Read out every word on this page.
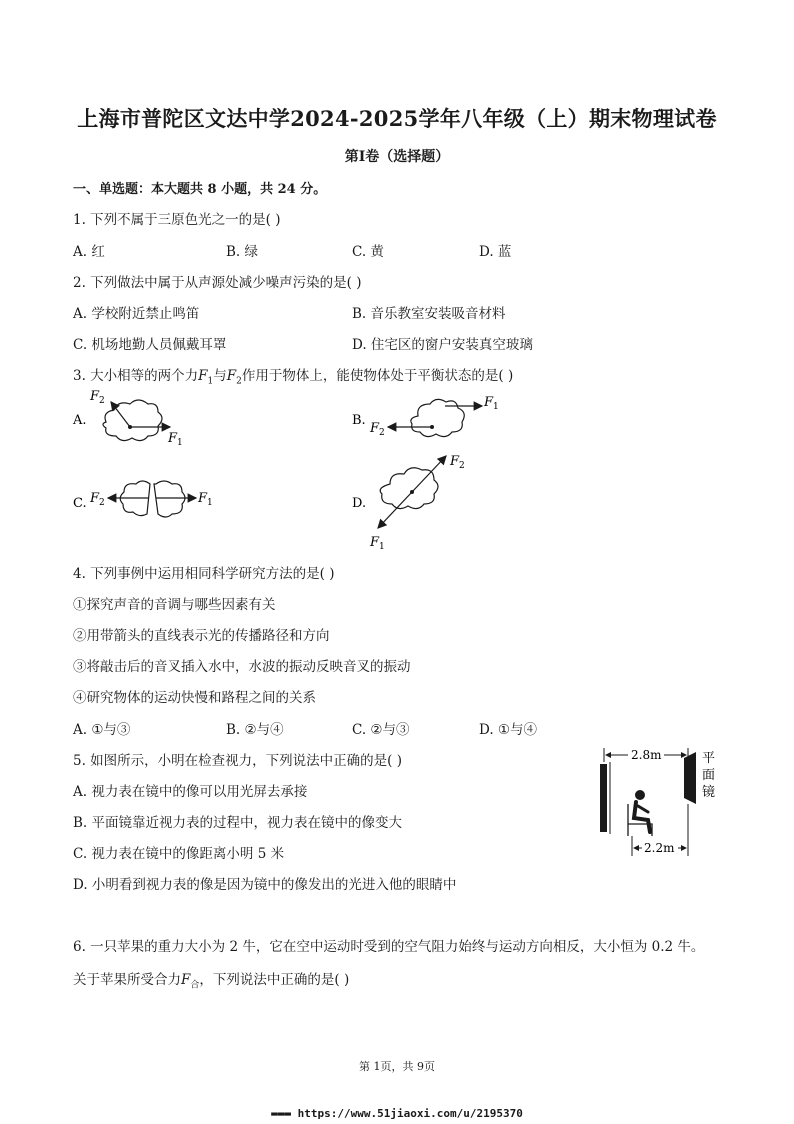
上海市普陀区文达中学2024-2025学年八年级（上）期末物理试卷
第I卷（选择题）
一、单选题：本大题共 8 小题，共 24 分。
1. 下列不属于三原色光之一的是( )
A. 红	B. 绿	C. 黄	D. 蓝
2. 下列做法中属于从声源处减少噪声污染的是( )
A. 学校附近禁止鸣笛	B. 音乐教室安装吸音材料
C. 机场地勤人员佩戴耳罩	D. 住宅区的窗户安装真空玻璃
3. 大小相等的两个力$F_1$与$F_2$作用于物体上，能使物体处于平衡状态的是( )
A.
F 2
F 1
B.
F 2
F 1
C. F 2	F 1	D.
F 2
F 1
4. 下列事例中运用相同科学研究方法的是( )
①探究声音的音调与哪些因素有关
②用带箭头的直线表示光的传播路径和方向
③将敲击后的音叉插入水中，水波的振动反映音叉的振动
④研究物体的运动快慢和路程之间的关系
A. ①与③	B. ②与④	C. ②与③	D. ①与④
5. 如图所示，小明在检查视力，下列说法中正确的是( )
A. 视力表在镜中的像可以用光屏去承接
B. 平面镜靠近视力表的过程中，视力表在镜中的像变大
C. 视力表在镜中的像距离小明 5 米
D. 小明看到视力表的像是因为镜中的像发出的光进入他的眼睛中
2.8m	平
面
镜
2.2m
6. 一只苹果的重力大小为 2 牛，它在空中运动时受到的空气阻力始终与运动方向相反，大小恒为 0.2 牛。
关于苹果所受合力$F_合$，下列说法中正确的是( )
第 1页，共 9页
▬▬▬ https://www.51jiaoxi.com/u/2195370
